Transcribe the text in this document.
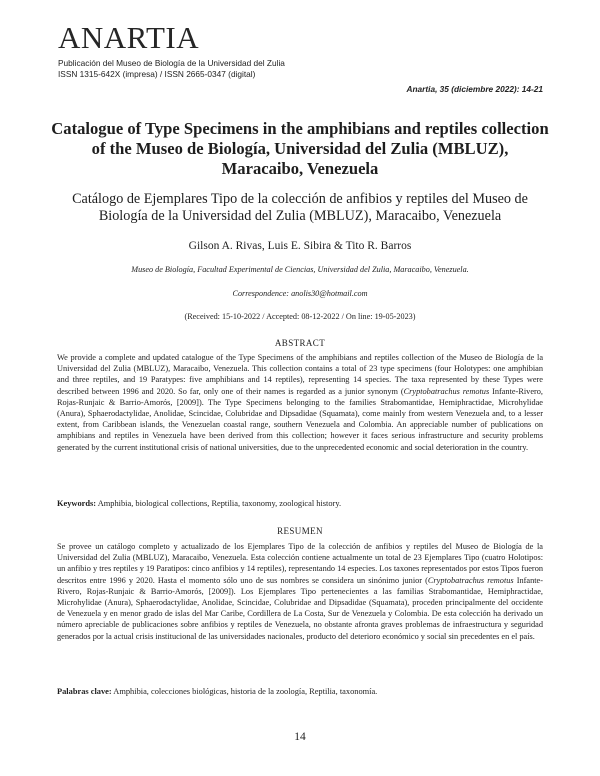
ANARTIA
Publicación del Museo de Biología de la Universidad del Zulia
ISSN 1315-642X (impresa) / ISSN 2665-0347 (digital)
Anartia, 35 (diciembre 2022): 14-21
Catalogue of Type Specimens in the amphibians and reptiles collection of the Museo de Biología, Universidad del Zulia (MBLUZ), Maracaibo, Venezuela
Catálogo de Ejemplares Tipo de la colección de anfibios y reptiles del Museo de Biología de la Universidad del Zulia (MBLUZ), Maracaibo, Venezuela
Gilson A. Rivas, Luis E. Sibira & Tito R. Barros
Museo de Biología, Facultad Experimental de Ciencias, Universidad del Zulia, Maracaibo, Venezuela.
Correspondence: anolis30@hotmail.com
(Received: 15-10-2022 / Accepted: 08-12-2022 / On line: 19-05-2023)
ABSTRACT
We provide a complete and updated catalogue of the Type Specimens of the amphibians and reptiles collection of the Museo de Biología de la Universidad del Zulia (MBLUZ), Maracaibo, Venezuela. This collection contains a total of 23 type specimens (four Holotypes: one amphibian and three reptiles, and 19 Paratypes: five amphibians and 14 reptiles), representing 14 species. The taxa represented by these Types were described between 1996 and 2020. So far, only one of their names is regarded as a junior synonym (Cryptobatrachus remotus Infante-Rivero, Rojas-Runjaic & Barrio-Amorós, [2009]). The Type Specimens belonging to the families Strabomantidae, Hemiphractidae, Microhylidae (Anura), Sphaerodactylidae, Anolidae, Scincidae, Colubridae and Dipsadidae (Squamata), come mainly from western Venezuela and, to a lesser extent, from Caribbean islands, the Venezuelan coastal range, southern Venezuela and Colombia. An appreciable number of publications on amphibians and reptiles in Venezuela have been derived from this collection; however it faces serious infrastructure and security problems generated by the current institutional crisis of national universities, due to the unprecedented economic and social deterioration in the country.
Keywords: Amphibia, biological collections, Reptilia, taxonomy, zoological history.
RESUMEN
Se provee un catálogo completo y actualizado de los Ejemplares Tipo de la colección de anfibios y reptiles del Museo de Biología de la Universidad del Zulia (MBLUZ), Maracaibo, Venezuela. Esta colección contiene actualmente un total de 23 Ejemplares Tipo (cuatro Holotipos: un anfibio y tres reptiles y 19 Paratipos: cinco anfibios y 14 reptiles), representando 14 especies. Los taxones representados por estos Tipos fueron descritos entre 1996 y 2020. Hasta el momento sólo uno de sus nombres se considera un sinónimo junior (Cryptobatrachus remotus Infante-Rivero, Rojas-Runjaic & Barrio-Amorós, [2009]). Los Ejemplares Tipo pertenecientes a las familias Strabomantidae, Hemiphractidae, Microhylidae (Anura), Sphaerodactylidae, Anolidae, Scincidae, Colubridae and Dipsadidae (Squamata), proceden principalmente del occidente de Venezuela y en menor grado de islas del Mar Caribe, Cordillera de La Costa, Sur de Venezuela y Colombia. De esta colección ha derivado un número apreciable de publicaciones sobre anfibios y reptiles de Venezuela, no obstante afronta graves problemas de infraestructura y seguridad generados por la actual crisis institucional de las universidades nacionales, producto del deterioro económico y social sin precedentes en el país.
Palabras clave: Amphibia, colecciones biológicas, historia de la zoología, Reptilia, taxonomía.
14
